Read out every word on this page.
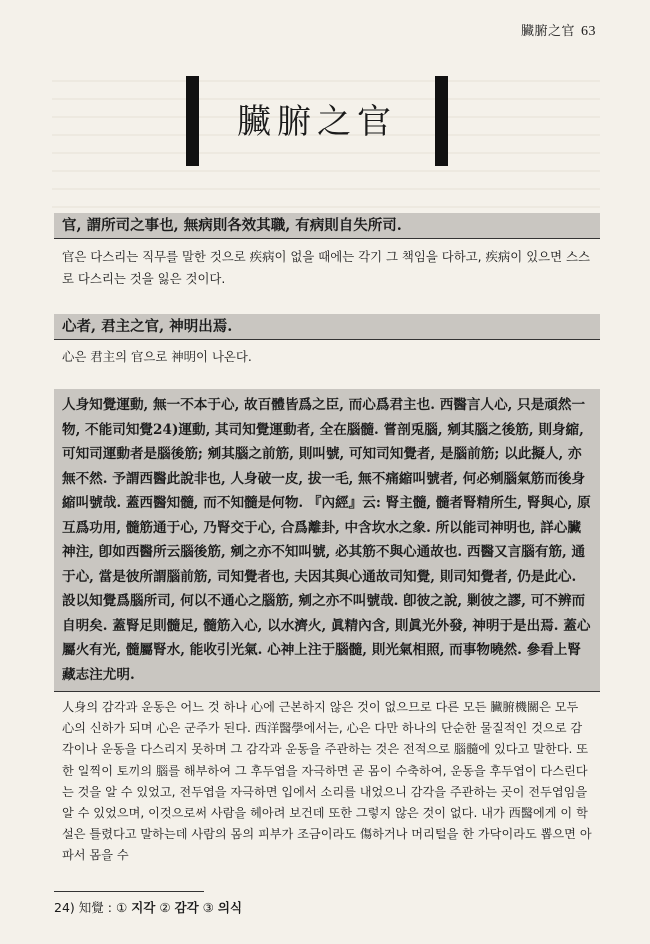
臟腑之官 63
臟腑之官
官, 謂所司之事也, 無病則各效其職, 有病則自失所司.
官은 다스리는 직무를 말한 것으로 疾病이 없을 때에는 각기 그 책임을 다하고, 疾病이 있으면 스스로 다스리는 것을 잃은 것이다.
心者, 君主之官, 神明出焉.
心은 君主의 官으로 神明이 나온다.
人身知覺運動, 無一不本于心, 故百體皆爲之臣, 而心爲君主也. 西醫言人心, 只是頑然一物, 不能司知覺24)運動, 其司知覺運動者, 全在腦髓. 嘗剖兎腦, 剜其腦之後筋, 則身縮, 可知司運動者是腦後筋; 剜其腦之前筋, 則叫號, 可知司知覺者, 是腦前筋; 以此擬人, 亦無不然. 予謂西醫此說非也, 人身破一皮, 拔一毛, 無不痛縮叫號者, 何必剜腦氣筋而後身縮叫號哉. 蓋西醫知髓, 而不知髓是何物. 『內經』云: 腎主髓, 髓者腎精所生, 腎與心, 原互爲功用, 髓筋通于心, 乃腎交于心, 合爲離卦, 中含坎水之象. 所以能司神明也, 詳心臟神注, 卽如西醫所云腦後筋, 剜之亦不知叫號, 必其筋不與心通故也. 西醫又言腦有筋, 通于心, 當是彼所謂腦前筋, 司知覺者也, 夫因其與心通故司知覺, 則司知覺者, 仍是此心. 設以知覺爲腦所司, 何以不通心之腦筋, 剜之亦不叫號哉. 卽彼之說, 剿彼之謬, 可不辨而自明矣. 蓋腎足則髓足, 髓筋入心, 以水濟火, 眞精內含, 則眞光外發, 神明于是出焉. 蓋心屬火有光, 髓屬腎水, 能收引光氣. 心神上注于腦髓, 則光氣相照, 而事物曉然. 參看上腎藏志注尤明.
人身의 감각과 운동은 어느 것 하나 心에 근본하지 않은 것이 없으므로 다른 모든 臟腑機關은 모두 心의 신하가 되며 心은 군주가 된다. 西洋醫學에서는, 心은 다만 하나의 단순한 물질적인 것으로 감각이나 운동을 다스리지 못하며 그 감각과 운동을 주관하는 것은 전적으로 腦髓에 있다고 말한다. 또한 일찍이 토끼의 腦를 해부하여 그 후두엽을 자극하면 곧 몸이 수축하여, 운동을 후두엽이 다스린다는 것을 알 수 있었고, 전두엽을 자극하면 입에서 소리를 내었으니 감각을 주관하는 곳이 전두엽임을 알 수 있었으며, 이것으로써 사람을 헤아려 보건데 또한 그렇지 않은 것이 없다. 내가 西醫에게 이 학설은 틀렸다고 말하는데 사람의 몸의 피부가 조금이라도 傷하거나 머리털을 한 가닥이라도 뽑으면 아파서 몸을 수
24) 知覺 : ① 지각 ② 감각 ③ 의식
